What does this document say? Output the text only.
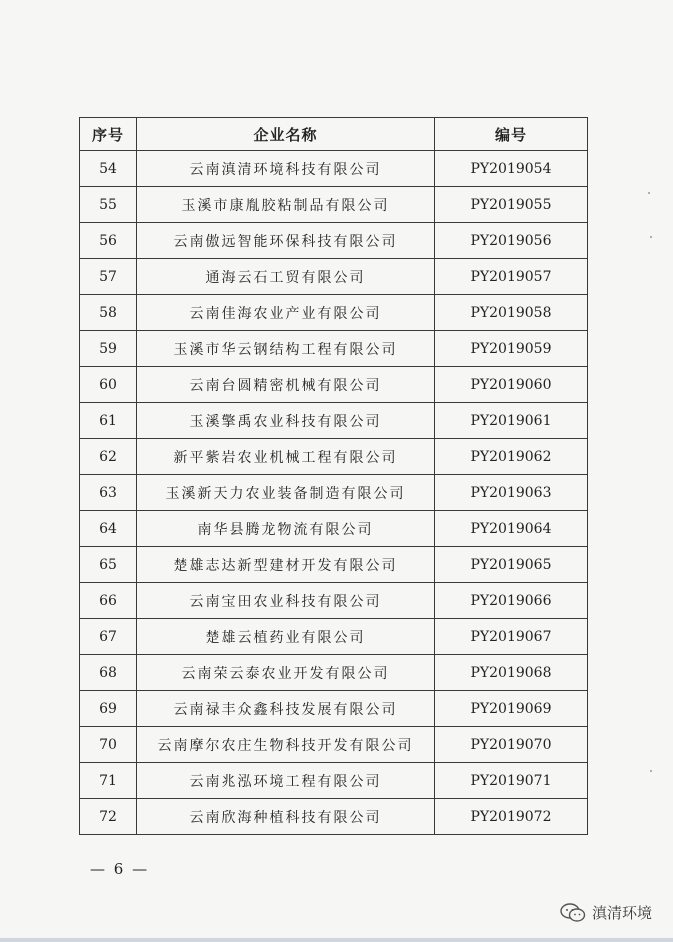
序号	企业名称	编号
54	云南滇清环境科技有限公司	PY2019054
55	玉溪市康胤胶粘制品有限公司	PY2019055
56	云南傲远智能环保科技有限公司	PY2019056
57	通海云石工贸有限公司	PY2019057
58	云南佳海农业产业有限公司	PY2019058
59	玉溪市华云钢结构工程有限公司	PY2019059
60	云南台圆精密机械有限公司	PY2019060
61	玉溪擎禹农业科技有限公司	PY2019061
62	新平紫岩农业机械工程有限公司	PY2019062
63	玉溪新天力农业装备制造有限公司	PY2019063
64	南华县腾龙物流有限公司	PY2019064
65	楚雄志达新型建材开发有限公司	PY2019065
66	云南宝田农业科技有限公司	PY2019066
67	楚雄云植药业有限公司	PY2019067
68	云南荣云泰农业开发有限公司	PY2019068
69	云南禄丰众鑫科技发展有限公司	PY2019069
70	云南摩尔农庄生物科技开发有限公司	PY2019070
71	云南兆泓环境工程有限公司	PY2019071
72	云南欣海种植科技有限公司	PY2019072
— 6 —
滇清环境
